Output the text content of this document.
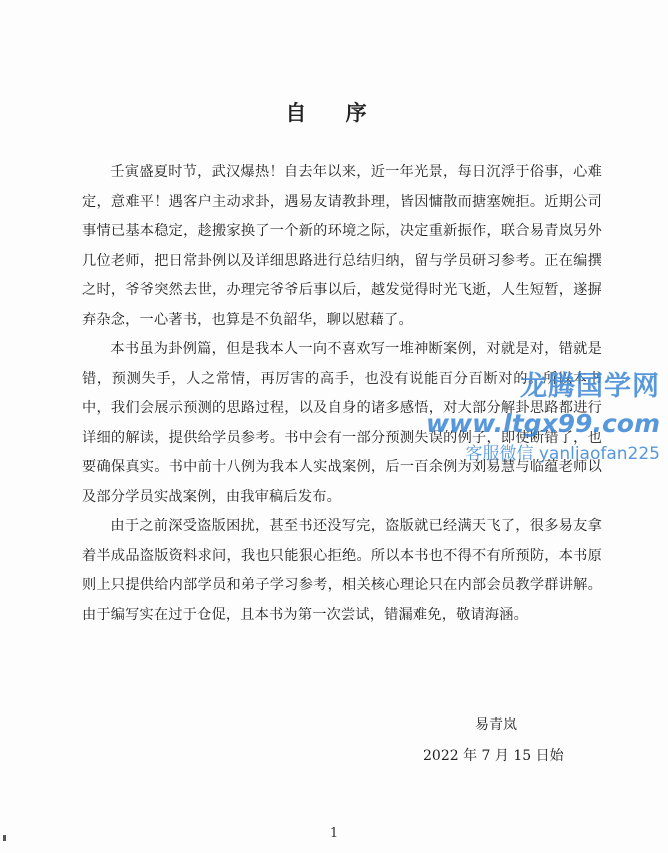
自 序

壬寅盛夏时节，武汉爆热！自去年以来，近一年光景，每日沉浮于俗事，心难定，意难平！遇客户主动求卦，遇易友请教卦理，皆因慵散而搪塞婉拒。近期公司事情已基本稳定，趁搬家换了一个新的环境之际，决定重新振作，联合易青岚另外几位老师，把日常卦例以及详细思路进行总结归纳，留与学员研习参考。正在编撰之时，爷爷突然去世，办理完爷爷后事以后，越发觉得时光飞逝，人生短暂，遂摒弃杂念，一心著书，也算是不负韶华，聊以慰藉了。

本书虽为卦例篇，但是我本人一向不喜欢写一堆神断案例，对就是对，错就是错，预测失手，人之常情，再厉害的高手，也没有说能百分百断对的。所以本书中，我们会展示预测的思路过程，以及自身的诸多感悟，对大部分解卦思路都进行详细的解读，提供给学员参考。书中会有一部分预测失误的例子，即使断错了，也要确保真实。书中前十八例为我本人实战案例，后一百余例为刘易慧与临蕴老师以及部分学员实战案例，由我审稿后发布。

由于之前深受盗版困扰，甚至书还没写完，盗版就已经满天飞了，很多易友拿着半成品盗版资料求问，我也只能狠心拒绝。所以本书也不得不有所预防，本书原则上只提供给内部学员和弟子学习参考，相关核心理论只在内部会员教学群讲解。由于编写实在过于仓促，且本书为第一次尝试，错漏难免，敬请海涵。

易青岚
2022 年 7 月 15 日始
1
龙腾国学网
www.ltgx99.com
客服微信 yanliaofan225
